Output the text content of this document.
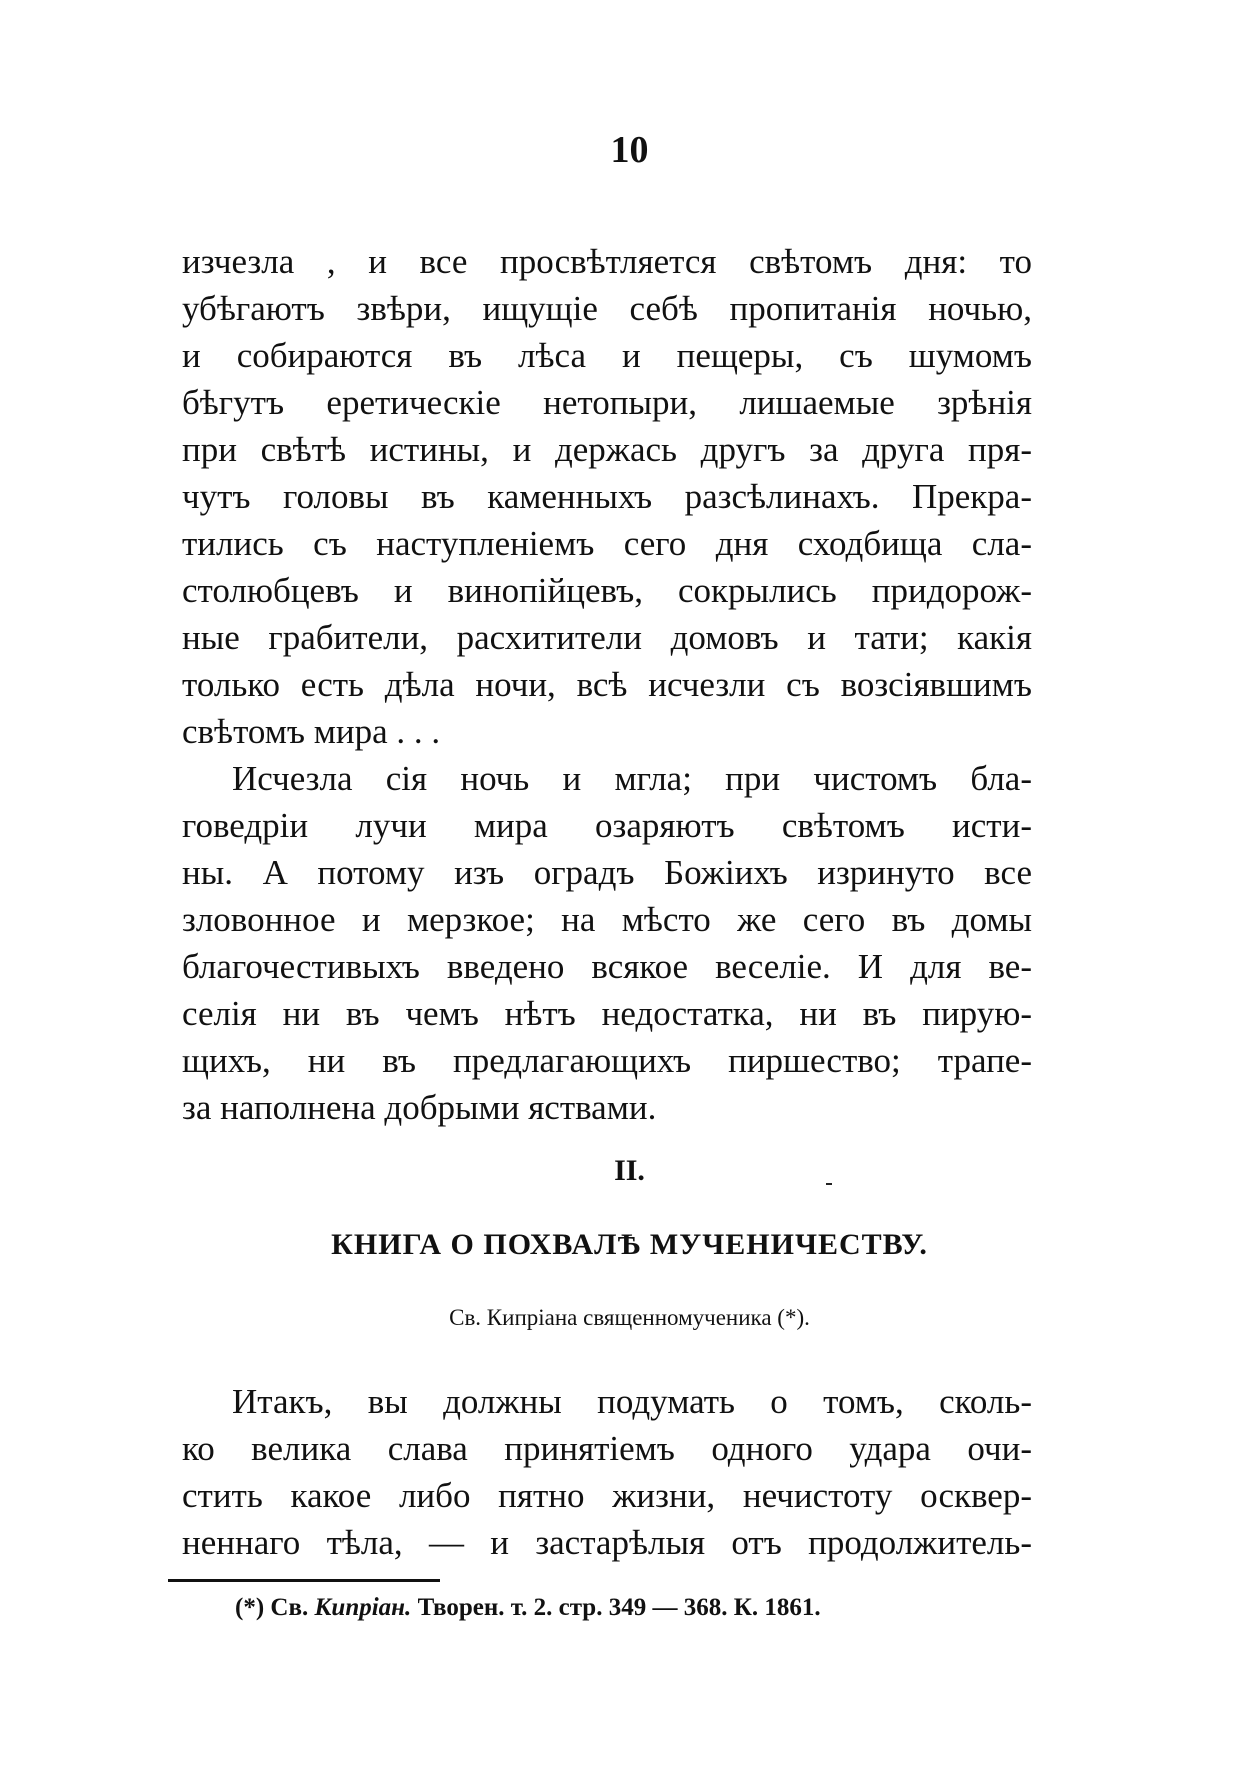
10
изчезла , и все просвѣтляется свѣтомъ дня: то
убѣгаютъ звѣри, ищущіе себѣ пропитанія ночью,
и собираются въ лѣса и пещеры, съ шумомъ
бѣгутъ еретическіе нетопыри, лишаемые зрѣнія
при свѣтѣ истины, и держась другъ за друга пря-
чутъ головы въ каменныхъ разсѣлинахъ. Прекра-
тились съ наступленіемъ сего дня сходбища сла-
столюбцевъ и винопійцевъ, сокрылись придорож-
ные грабители, расхитители домовъ и тати; какія
только есть дѣла ночи, всѣ исчезли съ возсіявшимъ
свѣтомъ мира . . .
Исчезла сія ночь и мгла; при чистомъ бла-
говедріи лучи мира озаряютъ свѣтомъ исти-
ны. А потому изъ оградъ Божіихъ изринуто все
зловонное и мерзкое; на мѣсто же сего въ домы
благочестивыхъ введено всякое веселіе. И для ве-
селія ни въ чемъ нѣтъ недостатка, ни въ пирую-
щихъ, ни въ предлагающихъ пиршество; трапе-
за наполнена добрыми яствами.
II.
КНИГА О ПОХВАЛѢ МУЧЕНИЧЕСТВУ.
Св. Кипріана священномученика (*).
Итакъ, вы должны подумать о томъ, сколь-
ко велика слава принятіемъ одного удара очи-
стить какое либо пятно жизни, нечистоту осквер-
неннаго тѣла, — и застарѣлыя отъ продолжитель-
(*) Св. Кипріан. Творен. т. 2. стр. 349 — 368. К. 1861.
